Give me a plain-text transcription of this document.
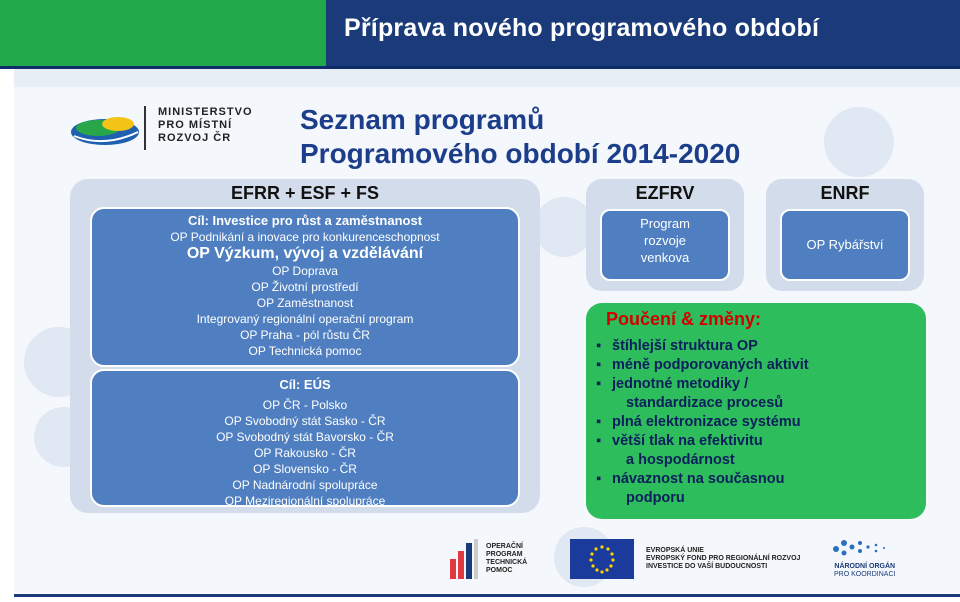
Příprava nového programového období
MINISTERSTVO
PRO MÍSTNÍ
ROZVOJ ČR
Seznam programů
Programového období 2014-2020
EFRR + ESF + FS
Cíl: Investice pro růst a zaměstnanost
OP Podnikání a inovace pro konkurenceschopnost
OP Výzkum, vývoj a vzdělávání
OP Doprava
OP Životní prostředí
OP Zaměstnanost
Integrovaný regionální operační program
OP Praha - pól růstu ČR
OP Technická pomoc
Cíl: EÚS
OP ČR - Polsko
OP Svobodný stát Sasko - ČR
OP Svobodný stát Bavorsko - ČR
OP Rakousko - ČR
OP Slovensko - ČR
OP Nadnárodní spolupráce
OP Meziregionální spolupráce
EZFRV
Program rozvoje venkova
ENRF
OP Rybářství
Poučení & změny:
▪ štíhlejší struktura OP
▪ méně podporovaných aktivit
▪ jednotné metodiky /
standardizace procesů
▪ plná elektronizace systému
▪ větší tlak na efektivitu
a hospodárnost
▪ návaznost na současnou
podporu
OPERAČNÍ
PROGRAM
TECHNICKÁ
POMOC
EVROPSKÁ UNIE
EVROPSKÝ FOND PRO REGIONÁLNÍ ROZVOJ
INVESTICE DO VAŠÍ BUDOUCNOSTI	NÁRODNÍ ORGÁN
PRO KOORDINACI
